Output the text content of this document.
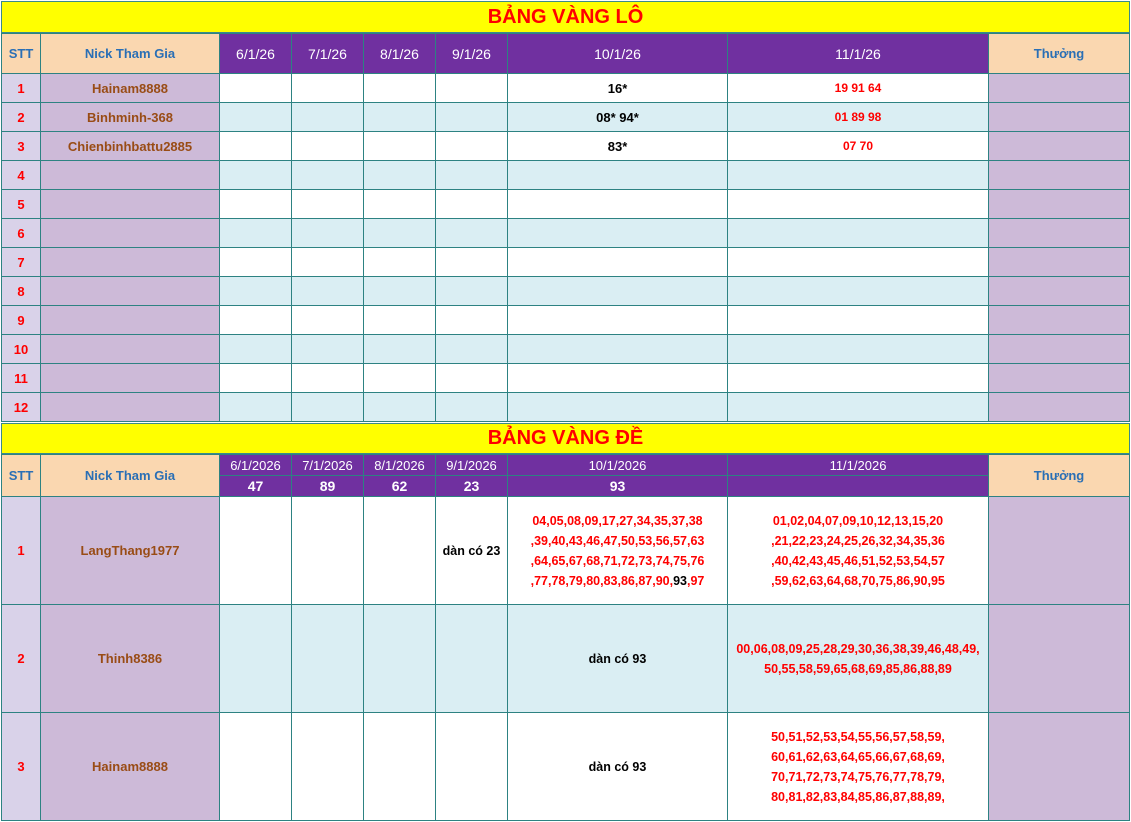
BẢNG VÀNG LÔ
STT	Nick Tham Gia	6/1/26	7/1/26	8/1/26	9/1/26	10/1/26	11/1/26	Thưởng
1	Hainam8888					16*	19 91 64	
2	Binhminh-368					08* 94*	01 89 98	
3	Chienbinhbattu2885					83*	07 70	
4								
5								
6								
7								
8								
9								
10								
11								
12								
BẢNG VÀNG ĐỀ
STT	Nick Tham Gia	6/1/2026	7/1/2026	8/1/2026	9/1/2026	10/1/2026	11/1/2026	Thưởng
		47	89	62	23	93		
1	LangThang1977				dàn có 23	04,05,08,09,17,27,34,35,37,38
,39,40,43,46,47,50,53,56,57,63
,64,65,67,68,71,72,73,74,75,76
,77,78,79,80,83,86,87,90,93,97	01,02,04,07,09,10,12,13,15,20
,21,22,23,24,25,26,32,34,35,36
,40,42,43,45,46,51,52,53,54,57
,59,62,63,64,68,70,75,86,90,95	

2	Thinh8386					dàn có 93	00,06,08,09,25,28,29,30,36,38,39,46,48,49,
50,55,58,59,65,68,69,85,86,88,89	

3	Hainam8888					dàn có 93	50,51,52,53,54,55,56,57,58,59,
60,61,62,63,64,65,66,67,68,69,
70,71,72,73,74,75,76,77,78,79,
80,81,82,83,84,85,86,87,88,89,	
